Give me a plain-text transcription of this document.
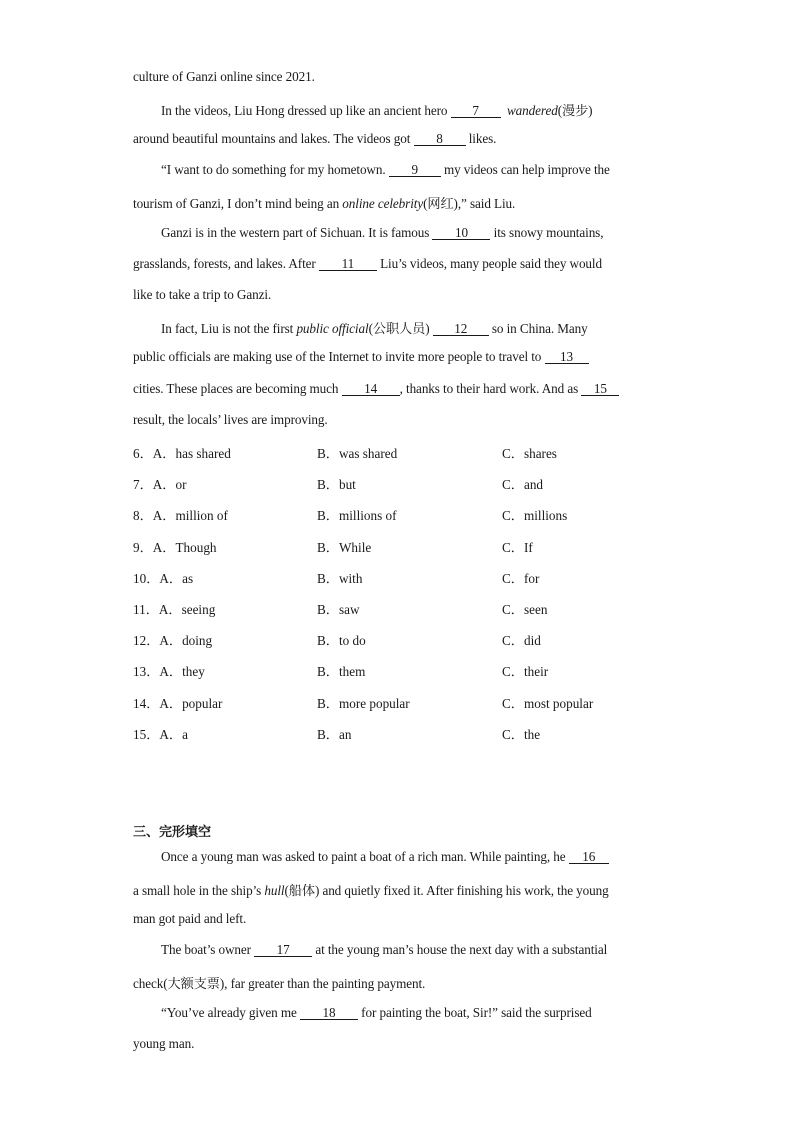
culture of Ganzi online since 2021.
In the videos, Liu Hong dressed up like an ancient hero 7  wandered(漫步)
around beautiful mountains and lakes. The videos got 8 likes.
“I want to do something for my hometown. 9 my videos can help improve the
tourism of Ganzi, I don’t mind being an online celebrity(网红),” said Liu.
Ganzi is in the western part of Sichuan. It is famous 10 its snowy mountains,
grasslands, forests, and lakes. After 11 Liu’s videos, many people said they would
like to take a trip to Ganzi.
In fact, Liu is not the first public official(公职人员) 12 so in China. Many
public officials are making use of the Internet to invite more people to travel to 13
cities. These places are becoming much 14 , thanks to their hard work. And as 15
result, the locals’ lives are improving.
6．A．has shared	B．was shared	C．shares
7．A．or	B．but	C．and
8．A．million of	B．millions of	C．millions
9．A．Though	B．While	C．If
10．A．as	B．with	C．for
11．A．seeing	B．saw	C．seen
12．A．doing	B．to do	C．did
13．A．they	B．them	C．their
14．A．popular	B．more popular	C．most popular
15．A．a	B．an	C．the
三、完形填空
Once a young man was asked to paint a boat of a rich man. While painting, he 16
a small hole in the ship’s hull(船体) and quietly fixed it. After finishing his work, the young
man got paid and left.
The boat’s owner 17 at the young man’s house the next day with a substantial
check(大额支票), far greater than the painting payment.
“You’ve already given me 18 for painting the boat, Sir!” said the surprised
young man.
